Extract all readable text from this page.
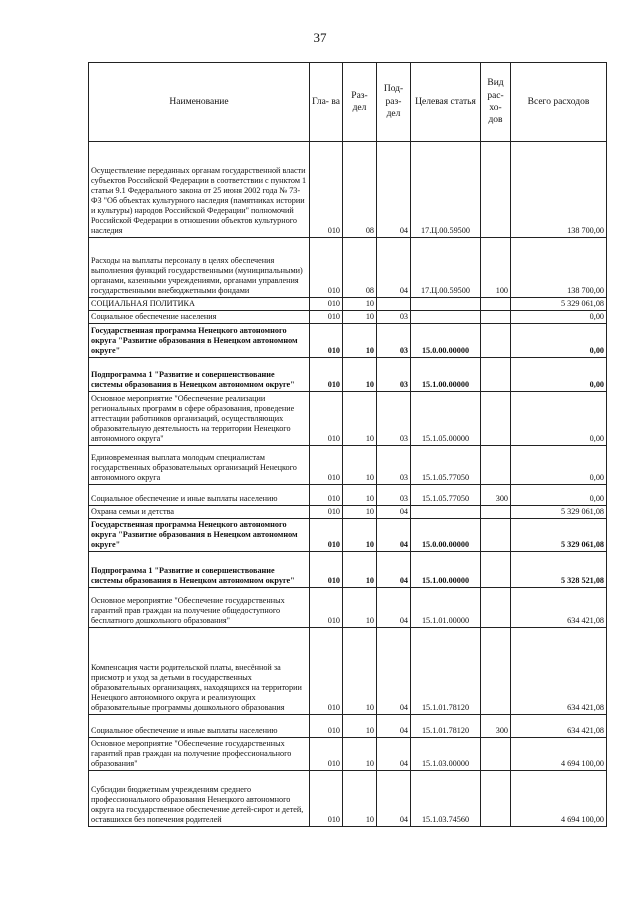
37
Наименование	Гла- ва	Раз- дел	Под- раз- дел	Целевая статья	Вид рас- хо- дов	Всего расходов
Осуществление переданных органам государственной власти субъектов Российской Федерации в соответствии с пунктом 1 статьи 9.1 Федерального закона от 25 июня 2002 года № 73-ФЗ "Об объектах культурного наследия (памятниках истории и культуры) народов Российской Федерации" полномочий Российской Федерации в отношении объектов культурного наследия	010	08	04	17.Ц.00.59500		138 700,00
Расходы на выплаты персоналу в целях обеспечения выполнения функций государственными (муниципальными) органами, казенными учреждениями, органами управления государственными внебюджетными фондами	010	08	04	17.Ц.00.59500	100	138 700,00
СОЦИАЛЬНАЯ ПОЛИТИКА	010	10				5 329 061,08
Социальное обеспечение населения	010	10	03			0,00
Государственная программа Ненецкого автономного округа "Развитие образования в Ненецком автономном округе"	010	10	03	15.0.00.00000		0,00
Подпрограмма 1 "Развитие и совершенствование системы образования в Ненецком автономном округе"	010	10	03	15.1.00.00000		0,00
Основное мероприятие "Обеспечение реализации региональных программ в сфере образования, проведение аттестации работников организаций, осуществляющих образовательную деятельность на территории Ненецкого автономного округа"	010	10	03	15.1.05.00000		0,00
Единовременная выплата молодым специалистам государственных образовательных организаций Ненецкого автономного округа	010	10	03	15.1.05.77050		0,00
Социальное обеспечение и иные выплаты населению	010	10	03	15.1.05.77050	300	0,00
Охрана семьи и детства	010	10	04			5 329 061,08
Государственная программа Ненецкого автономного округа "Развитие образования в Ненецком автономном округе"	010	10	04	15.0.00.00000		5 329 061,08
Подпрограмма 1 "Развитие и совершенствование системы образования в Ненецком автономном округе"	010	10	04	15.1.00.00000		5 328 521,08
Основное мероприятие "Обеспечение государственных гарантий прав граждан на получение общедоступного бесплатного дошкольного образования"	010	10	04	15.1.01.00000		634 421,08
Компенсация части родительской платы, внесённой за присмотр и уход за детьми в государственных образовательных организациях, находящихся на территории Ненецкого автономного округа и реализующих образовательные программы дошкольного образования	010	10	04	15.1.01.78120		634 421,08
Социальное обеспечение и иные выплаты населению	010	10	04	15.1.01.78120	300	634 421,08
Основное мероприятие "Обеспечение государственных гарантий прав граждан на получение профессионального образования"	010	10	04	15.1.03.00000		4 694 100,00
Субсидии бюджетным учреждениям среднего профессионального образования Ненецкого автономного округа на государственное обеспечение детей-сирот и детей, оставшихся без попечения родителей	010	10	04	15.1.03.74560		4 694 100,00
